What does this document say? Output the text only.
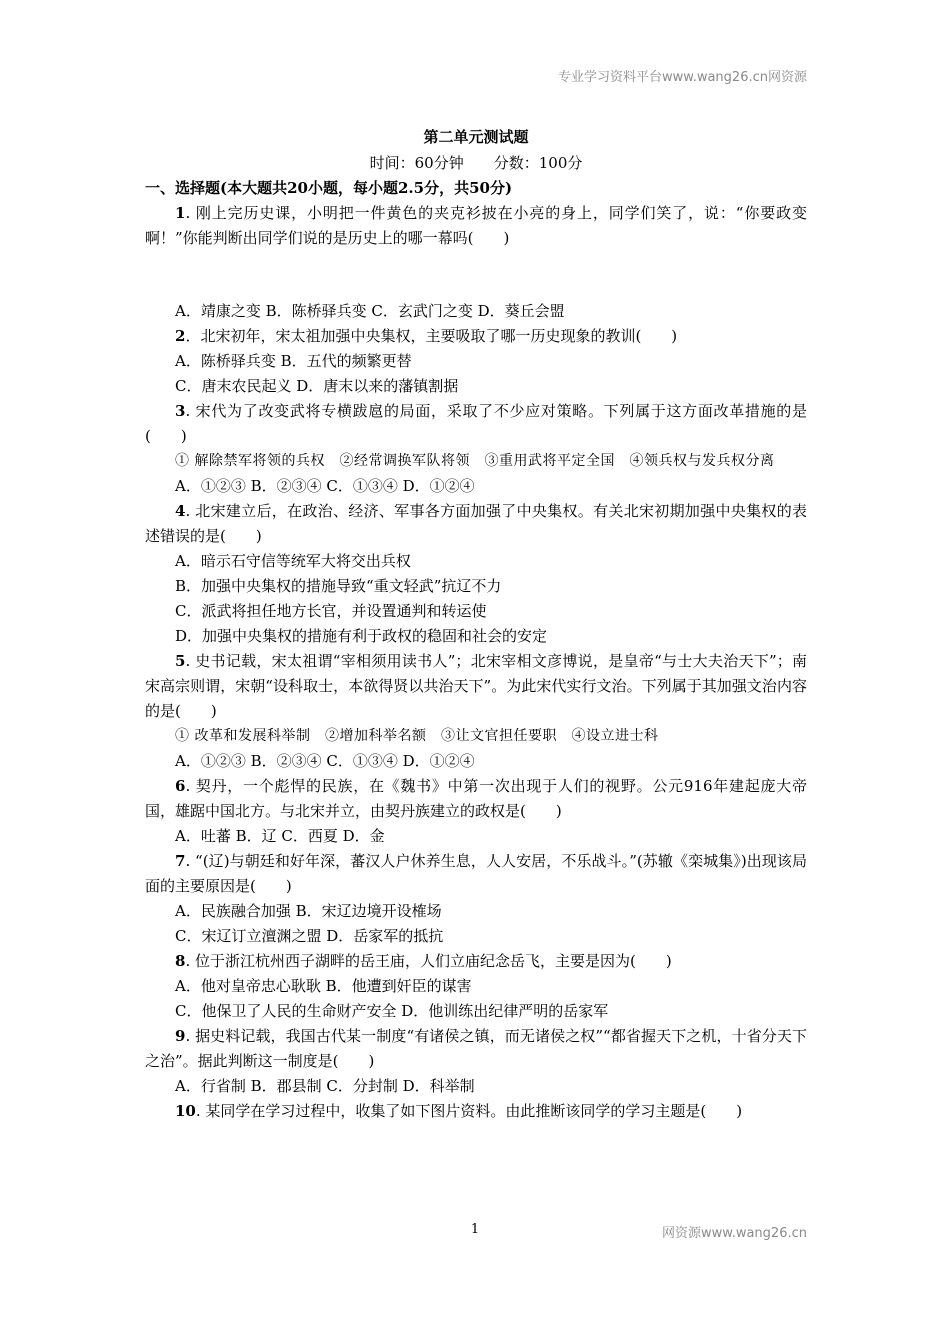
专业学习资料平台www.wang26.cn网资源
第二单元测试题
时间：60分钟　　分数：100分
一、选择题(本大题共20小题，每小题2.5分，共50分)

1. 刚上完历史课，小明把一件黄色的夹克衫披在小亮的身上，同学们笑了，说：“你要政变啊！”你能判断出同学们说的是历史上的哪一幕吗(　　)

A．靖康之变 B．陈桥驿兵变 C．玄武门之变 D．葵丘会盟

2．北宋初年，宋太祖加强中央集权，主要吸取了哪一历史现象的教训(　　)

A．陈桥驿兵变 B．五代的频繁更替

C．唐末农民起义 D．唐末以来的藩镇割据

3. 宋代为了改变武将专横跋扈的局面，采取了不少应对策略。下列属于这方面改革措施的是(　　)

① 解除禁军将领的兵权　②经常调换军队将领　③重用武将平定全国　④领兵权与发兵权分离

A．①②③ B．②③④ C．①③④ D．①②④

4. 北宋建立后，在政治、经济、军事各方面加强了中央集权。有关北宋初期加强中央集权的表述错误的是(　　)

A．暗示石守信等统军大将交出兵权

B．加强中央集权的措施导致“重文轻武”抗辽不力

C．派武将担任地方长官，并设置通判和转运使

D．加强中央集权的措施有利于政权的稳固和社会的安定

5. 史书记载，宋太祖谓“宰相须用读书人”；北宋宰相文彦博说，是皇帝“与士大夫治天下”；南宋高宗则谓，宋朝“设科取士，本欲得贤以共治天下”。为此宋代实行文治。下列属于其加强文治内容的是(　　)

① 改革和发展科举制　②增加科举名额　③让文官担任要职　④设立进士科

A．①②③ B．②③④ C．①③④ D．①②④

6. 契丹，一个彪悍的民族，在《魏书》中第一次出现于人们的视野。公元916年建起庞大帝国，雄踞中国北方。与北宋并立，由契丹族建立的政权是(　　)

A．吐蕃 B．辽 C．西夏 D．金

7. “(辽)与朝廷和好年深，蕃汉人户休养生息，人人安居，不乐战斗。”(苏辙《栾城集》)出现该局面的主要原因是(　　)

A．民族融合加强 B．宋辽边境开设榷场

C．宋辽订立澶渊之盟 D．岳家军的抵抗

8. 位于浙江杭州西子湖畔的岳王庙，人们立庙纪念岳飞，主要是因为(　　)

A．他对皇帝忠心耿耿 B．他遭到奸臣的谋害

C．他保卫了人民的生命财产安全 D．他训练出纪律严明的岳家军

9. 据史料记载，我国古代某一制度“有诸侯之镇，而无诸侯之权”“都省握天下之机，十省分天下之治”。据此判断这一制度是(　　)

A．行省制 B．郡县制 C．分封制 D．科举制

10. 某同学在学习过程中，收集了如下图片资料。由此推断该同学的学习主题是(　　)

1	网资源www.wang26.cn
